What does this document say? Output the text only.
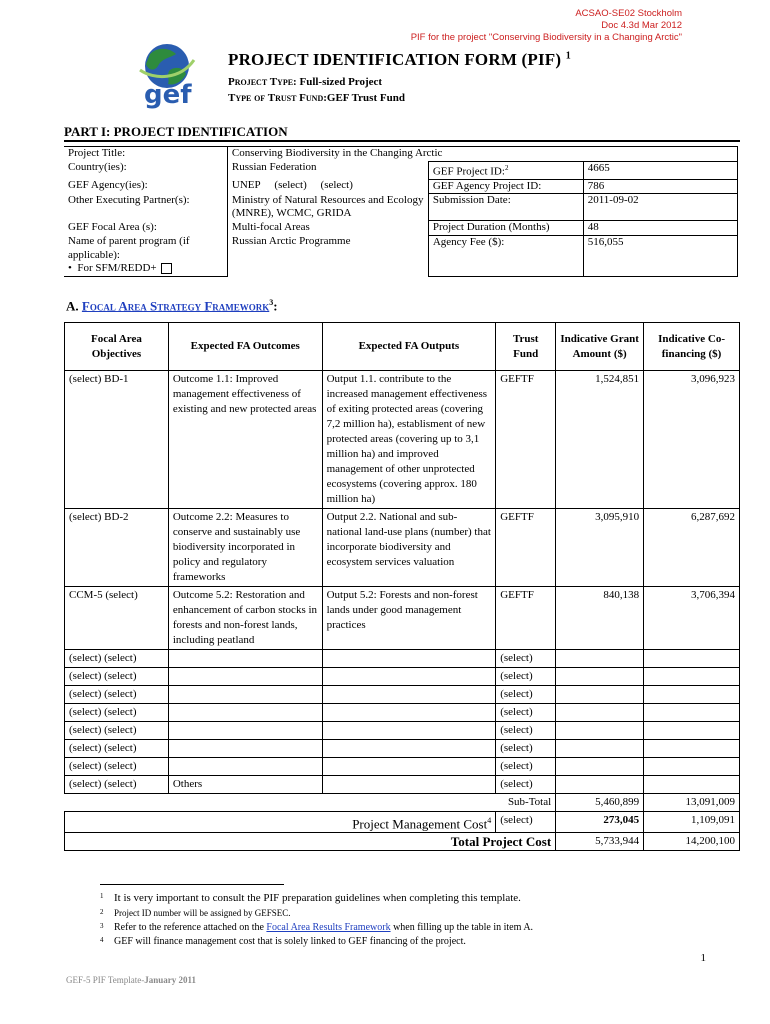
ACSAO-SE02 Stockholm
Doc 4.3d Mar 2012
PIF for the project "Conserving Biodiversity in a Changing Arctic"
gef
PROJECT IDENTIFICATION FORM (PIF) $^1$
Project Type: Full-sized Project
Type of Trust Fund:GEF Trust Fund
PART I: PROJECT IDENTIFICATION
Project Title:	Conserving Biodiversity in the Changing Arctic		
Country(ies):	Russian Federation	GEF Project ID:$^2$	4665
GEF Agency(ies):	UNEP (select) (select)	GEF Agency Project ID:	786
Other Executing Partner(s):	Ministry of Natural Resources and Ecology (MNRE), WCMC, GRIDA	Submission Date:	2011-09-02
GEF Focal Area (s):	Multi-focal Areas	Project Duration (Months)	48

Name of parent program (if applicable):
•  For SFM/REDD+	Russian Arctic Programme	Agency Fee ($):	516,055
A. Focal Area Strategy Framework$^3$:
Focal Area Objectives	Expected FA Outcomes	Expected FA Outputs	Trust Fund	Indicative Grant Amount ($)	Indicative Co-financing ($)
(select) BD-1	Outcome 1.1: Improved management effectiveness of existing and new protected areas	Output 1.1. contribute to the increased management effectiveness of exiting protected areas (covering 7,2 million ha), establisment of new protected areas (covering up to 3,1 million ha) and improved management of other unprotected ecosystems (covering approx. 180 million ha)	GEFTF	1,524,851	3,096,923
(select) BD-2	Outcome 2.2: Measures to conserve and sustainably use biodiversity incorporated in policy and regulatory frameworks	Output 2.2. National and sub-national land-use plans (number) that incorporate biodiversity and ecosystem services valuation	GEFTF	3,095,910	6,287,692
CCM-5 (select)	Outcome 5.2: Restoration and enhancement of carbon stocks in forests and non-forest lands, including peatland	Output 5.2: Forests and non-forest lands under good management practices	GEFTF	840,138	3,706,394
(select) (select)			(select)		
(select) (select)			(select)		
(select) (select)			(select)		
(select) (select)			(select)		
(select) (select)			(select)		
(select) (select)			(select)		
(select) (select)			(select)		
(select) (select)	Others		(select)		
Sub-Total				5,460,899	13,091,009
Project Management Cost$^4$			(select)	273,045	1,109,091
Total Project Cost				5,733,944	14,200,100
$^1$ It is very important to consult the PIF preparation guidelines when completing this template.
$^2$ Project ID number will be assigned by GEFSEC.
$^3$ Refer to the reference attached on the Focal Area Results Framework when filling up the table in item A.
$^4$ GEF will finance management cost that is solely linked to GEF financing of the project.
1
GEF-5 PIF Template-January 2011
